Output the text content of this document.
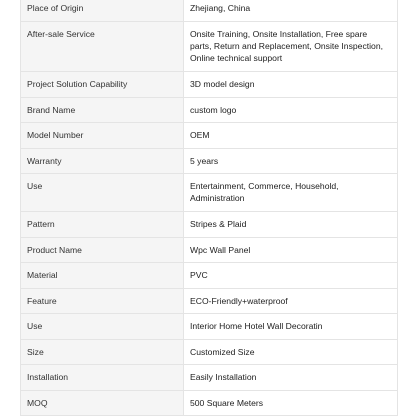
Place of Origin	Zhejiang, China
After-sale Service	Onsite Training, Onsite Installation, Free spare parts, Return and Replacement, Onsite Inspection, Online technical support
Project Solution Capability	3D model design
Brand Name	custom logo
Model Number	OEM
Warranty	5 years
Use	Entertainment, Commerce, Household, Administration
Pattern	Stripes & Plaid
Product Name	Wpc Wall Panel
Material	PVC
Feature	ECO-Friendly+waterproof
Use	Interior Home Hotel Wall Decoratin
Size	Customized Size
Installation	Easily Installation
MOQ	500 Square Meters
